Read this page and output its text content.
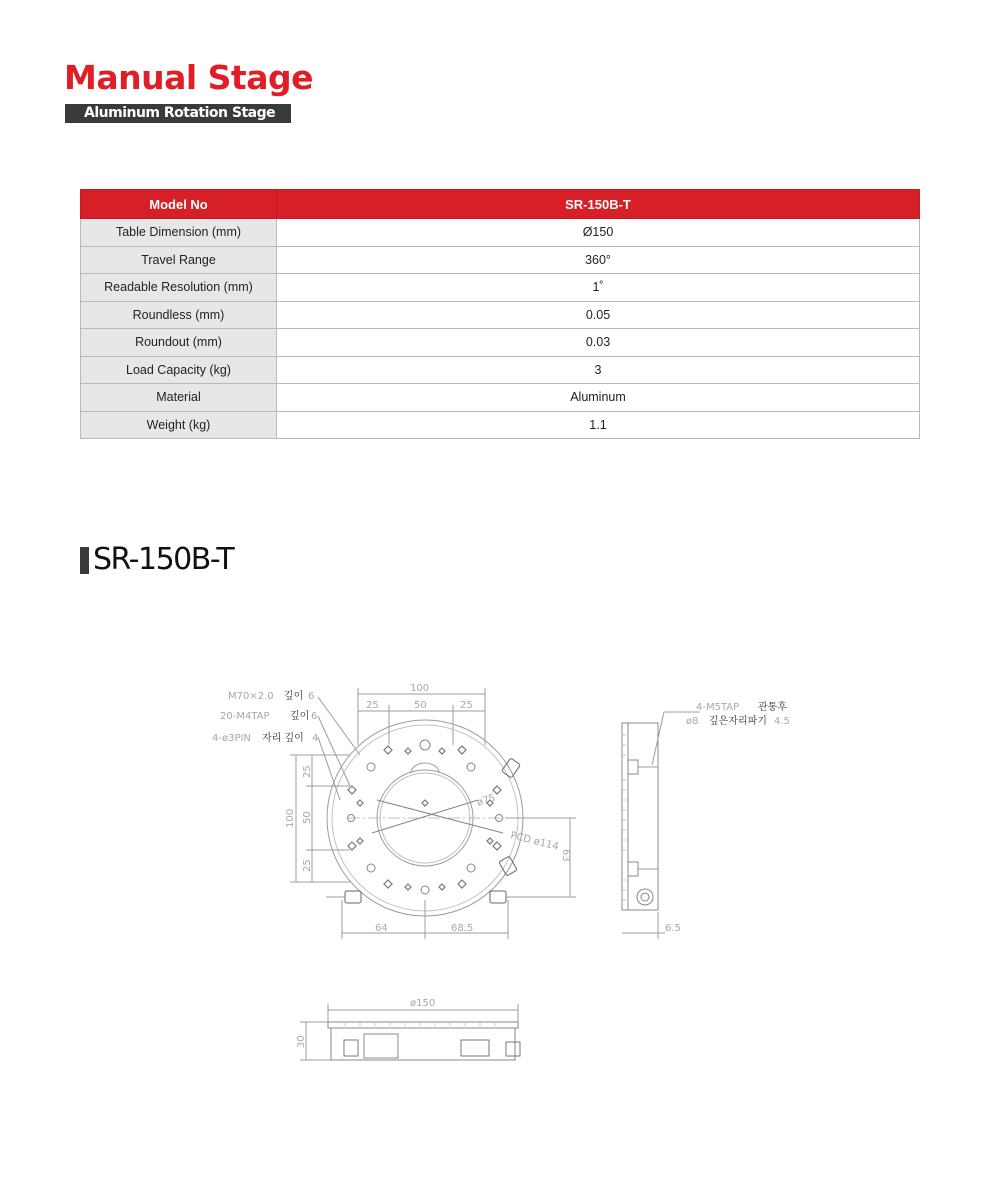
Manual Stage
Aluminum Rotation Stage
Model No	SR-150B-T
Table Dimension (mm)	Ø150
Travel Range	360°
Readable Resolution (mm)	1˚
Roundless (mm)	0.05
Roundout (mm)	0.03
Load Capacity (kg)	3
Material	Aluminum
Weight (kg)	1.1
SR-150B-T
M70×2.0 깊이 6
20-M4TAP 깊이 6
4-ø3PIN 자리 깊이 4
4-M5TAP 관통후
ø8 깊은자리파기 4.5
100
25	50	25
100
25
50
25
ø75
PCD ø114
63
64	68.5	6.5
ø150
30
